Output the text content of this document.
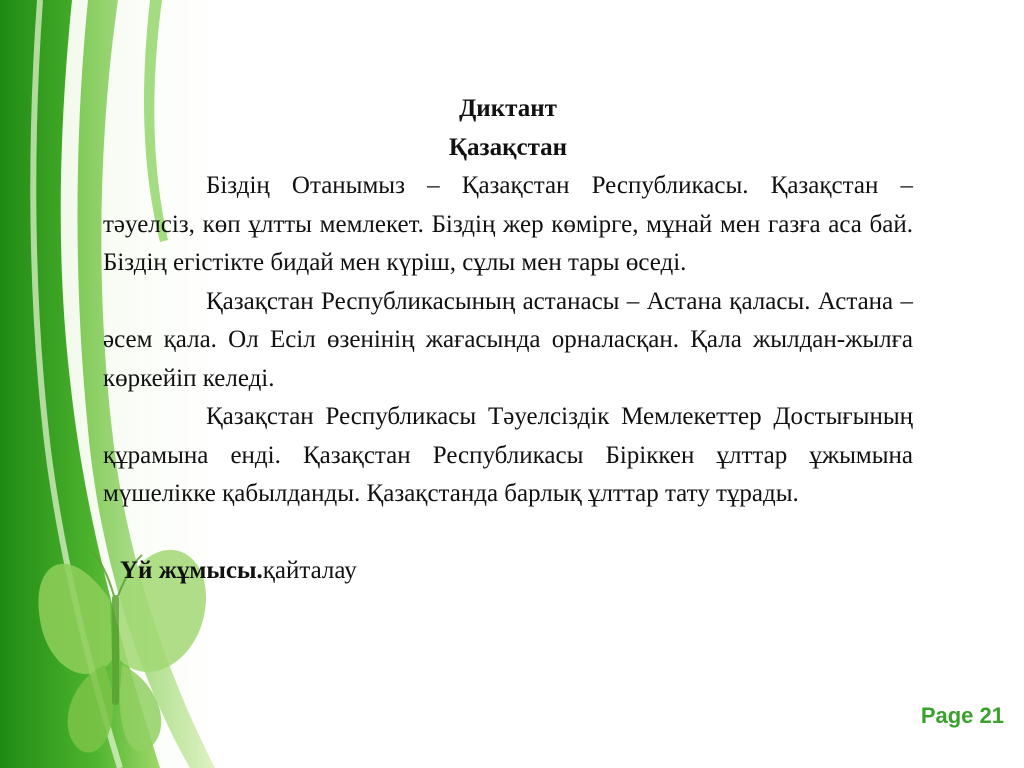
Диктант

Қазақстан

Біздің Отанымыз – Қазақстан Республикасы. Қазақстан – тәуелсіз, көп ұлтты мемлекет. Біздің жер көмірге, мұнай мен газға аса бай. Біздің егістікте бидай мен күріш, сұлы мен тары өседі.

Қазақстан Республикасының астанасы – Астана қаласы. Астана – әсем қала. Ол Есіл өзенінің жағасында орналасқан. Қала жылдан-жылға көркейіп келеді.

Қазақстан Республикасы Тәуелсіздік Мемлекеттер Достығының құрамына енді. Қазақстан Республикасы Біріккен ұлттар ұжымына мүшелікке қабылданды. Қазақстанда барлық ұлттар тату тұрады.

Үй жұмысы.қайталау

Page 21
